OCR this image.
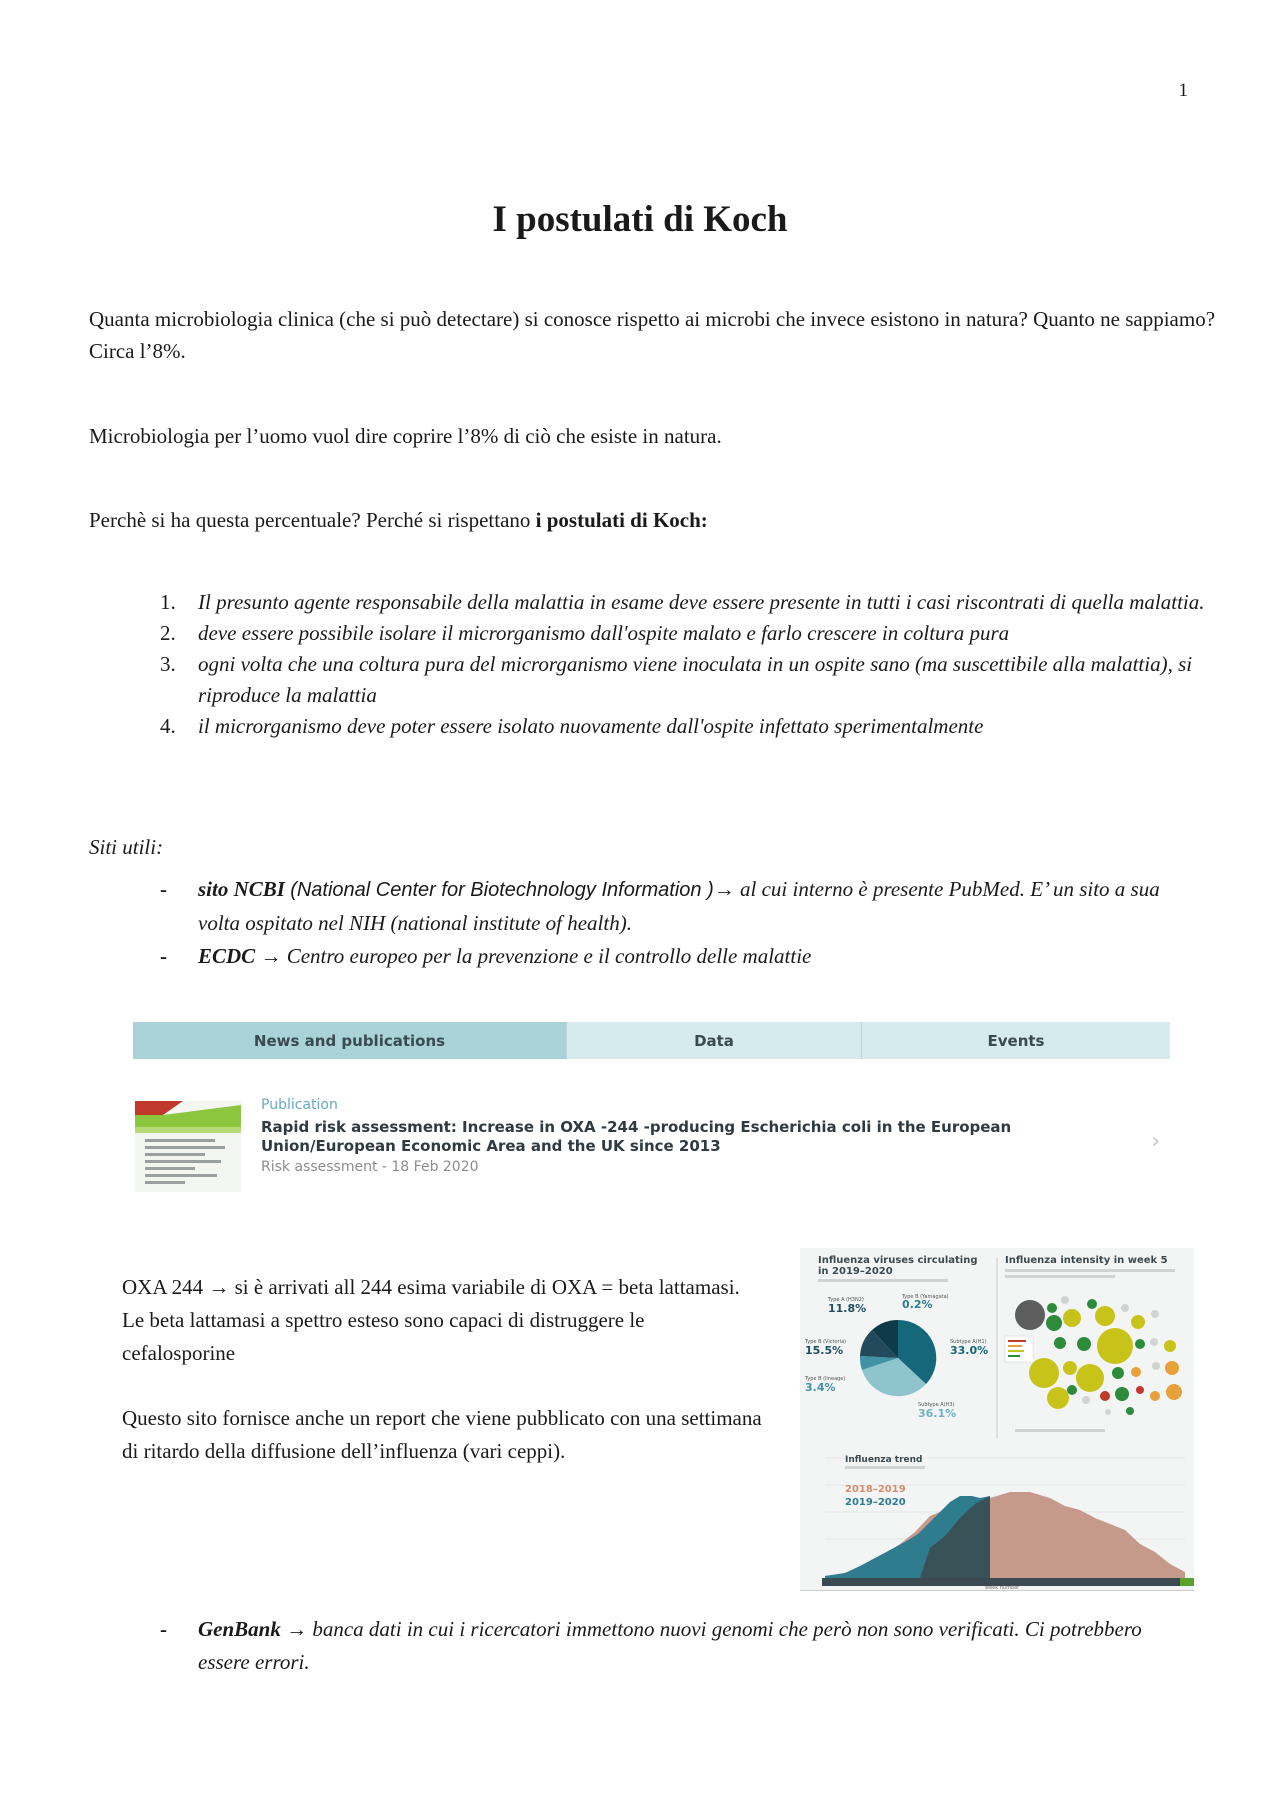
1
I postulati di Koch

Quanta microbiologia clinica (che si può detectare) si conosce rispetto ai microbi che invece esistono in natura? Quanto ne sappiamo? Circa l’8%.

Microbiologia per l’uomo vuol dire coprire l’8% di ciò che esiste in natura.

Perchè si ha questa percentuale? Perché si rispettano i postulati di Koch:

1. Il presunto agente responsabile della malattia in esame deve essere presente in tutti i casi riscontrati di quella malattia.
2. deve essere possibile isolare il microrganismo dall'ospite malato e farlo crescere in coltura pura
3. ogni volta che una coltura pura del microrganismo viene inoculata in un ospite sano (ma suscettibile alla malattia), si riproduce la malattia
4. il microrganismo deve poter essere isolato nuovamente dall'ospite infettato sperimentalmente

Siti utili:

- sito NCBI (National Center for Biotechnology Information )→ al cui interno è presente PubMed. E’ un sito a sua volta ospitato nel NIH (national institute of health).
- ECDC → Centro europeo per la prevenzione e il controllo delle malattie
News and publications	Data	Events
Publication
Rapid risk assessment: Increase in OXA -244 -producing Escherichia coli in the European Union/European Economic Area and the UK since 2013
Risk assessment - 18 Feb 2020
›

OXA 244 → si è arrivati all 244 esima variabile di OXA = beta lattamasi. Le beta lattamasi a spettro esteso sono capaci di distruggere le cefalosporine

Questo sito fornisce anche un report che viene pubblicato con una settimana di ritardo della diffusione dell’influenza (vari ceppi).

Influenza viruses circulating
in 2019–2020
Influenza intensity in week 5
Type A (H3N2)
11.8%
Type B (Yamagata)
0.2%
Type B (Victoria)
15.5%
Subtype A(H1)
33.0%
Type B (lineage)
3.4%
Subtype A(H3)
36.1%
Influenza trend
2018–2019
2019–2020
week number
- GenBank → banca dati in cui i ricercatori immettono nuovi genomi che però non sono verificati. Ci potrebbero essere errori.
